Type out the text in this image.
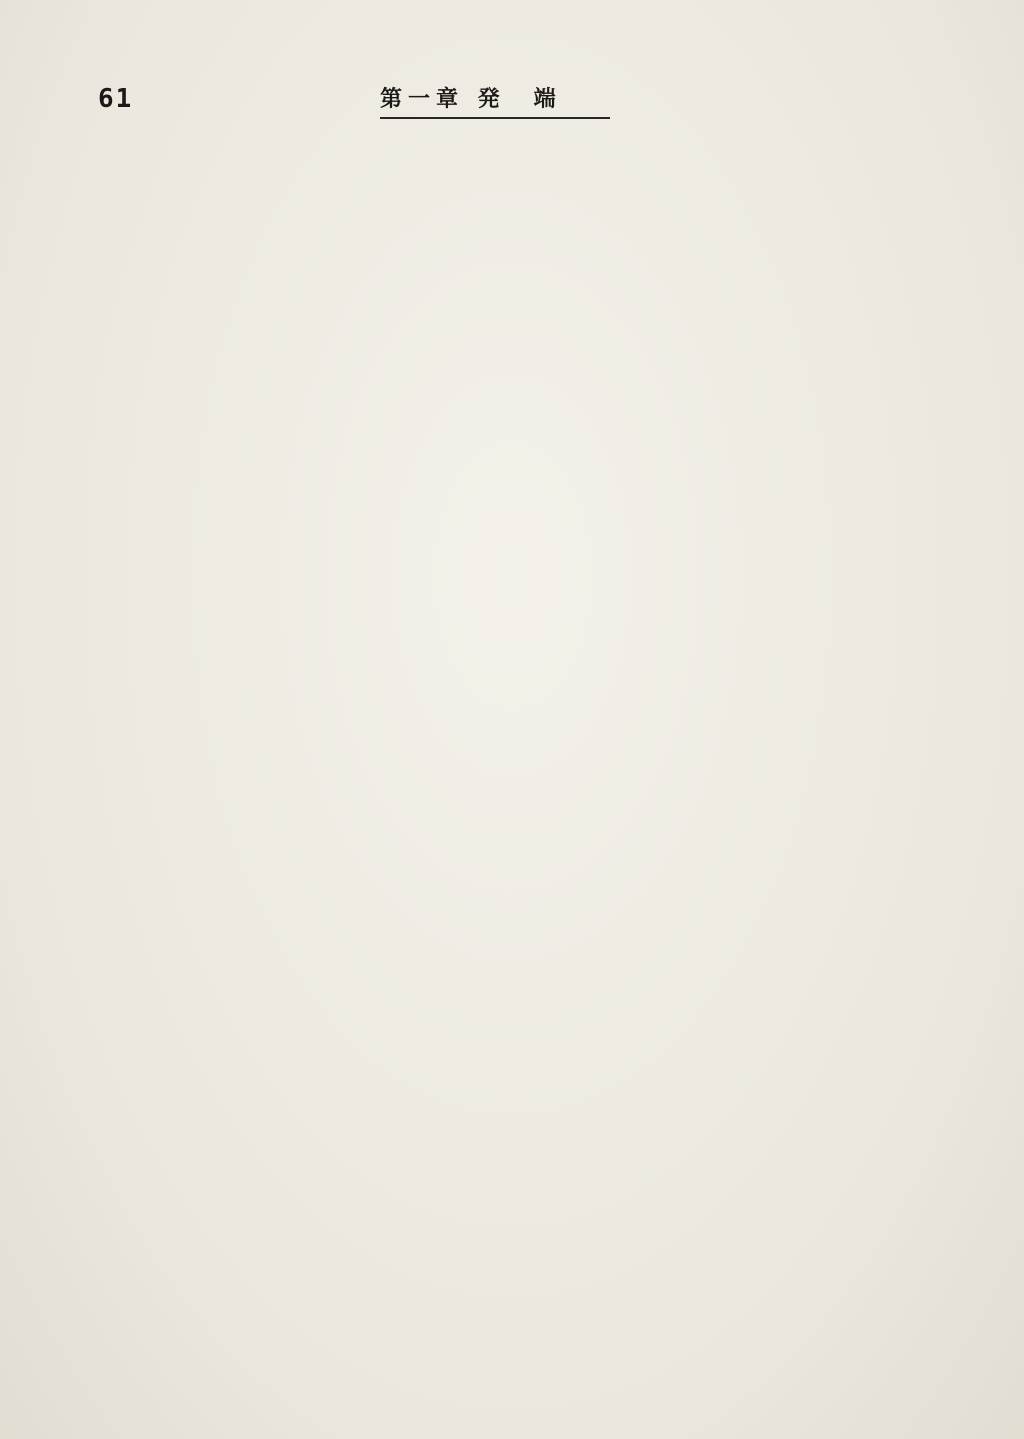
61	第一章 発　端
